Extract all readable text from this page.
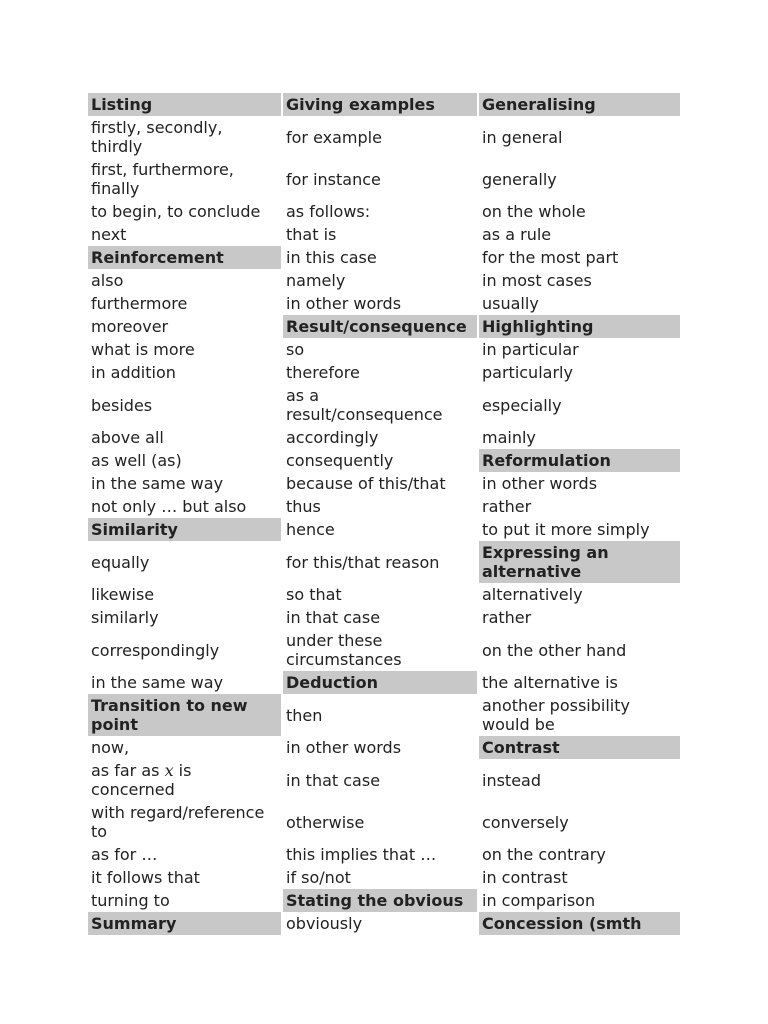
Listing	Giving examples	Generalising
firstly, secondly, thirdly	for example	in general
first, furthermore, finally	for instance	generally
to begin, to conclude	as follows:	on the whole
next	that is	as a rule
Reinforcement	in this case	for the most part
also	namely	in most cases
furthermore	in other words	usually
moreover	Result/consequence	Highlighting
what is more	so	in particular
in addition	therefore	particularly
besides	as a result/consequence	especially
above all	accordingly	mainly
as well (as)	consequently	Reformulation
in the same way	because of this/that	in other words
not only … but also	thus	rather
Similarity	hence	to put it more simply
equally	for this/that reason	Expressing an alternative
likewise	so that	alternatively
similarly	in that case	rather
correspondingly	under these circumstances	on the other hand
in the same way	Deduction	the alternative is
Transition to new point	then	another possibility would be
now,	in other words	Contrast
as far as x is concerned	in that case	instead
with regard/reference to	otherwise	conversely
as for …	this implies that …	on the contrary
it follows that	if so/not	in contrast
turning to	Stating the obvious	in comparison
Summary	obviously	Concession (smth
